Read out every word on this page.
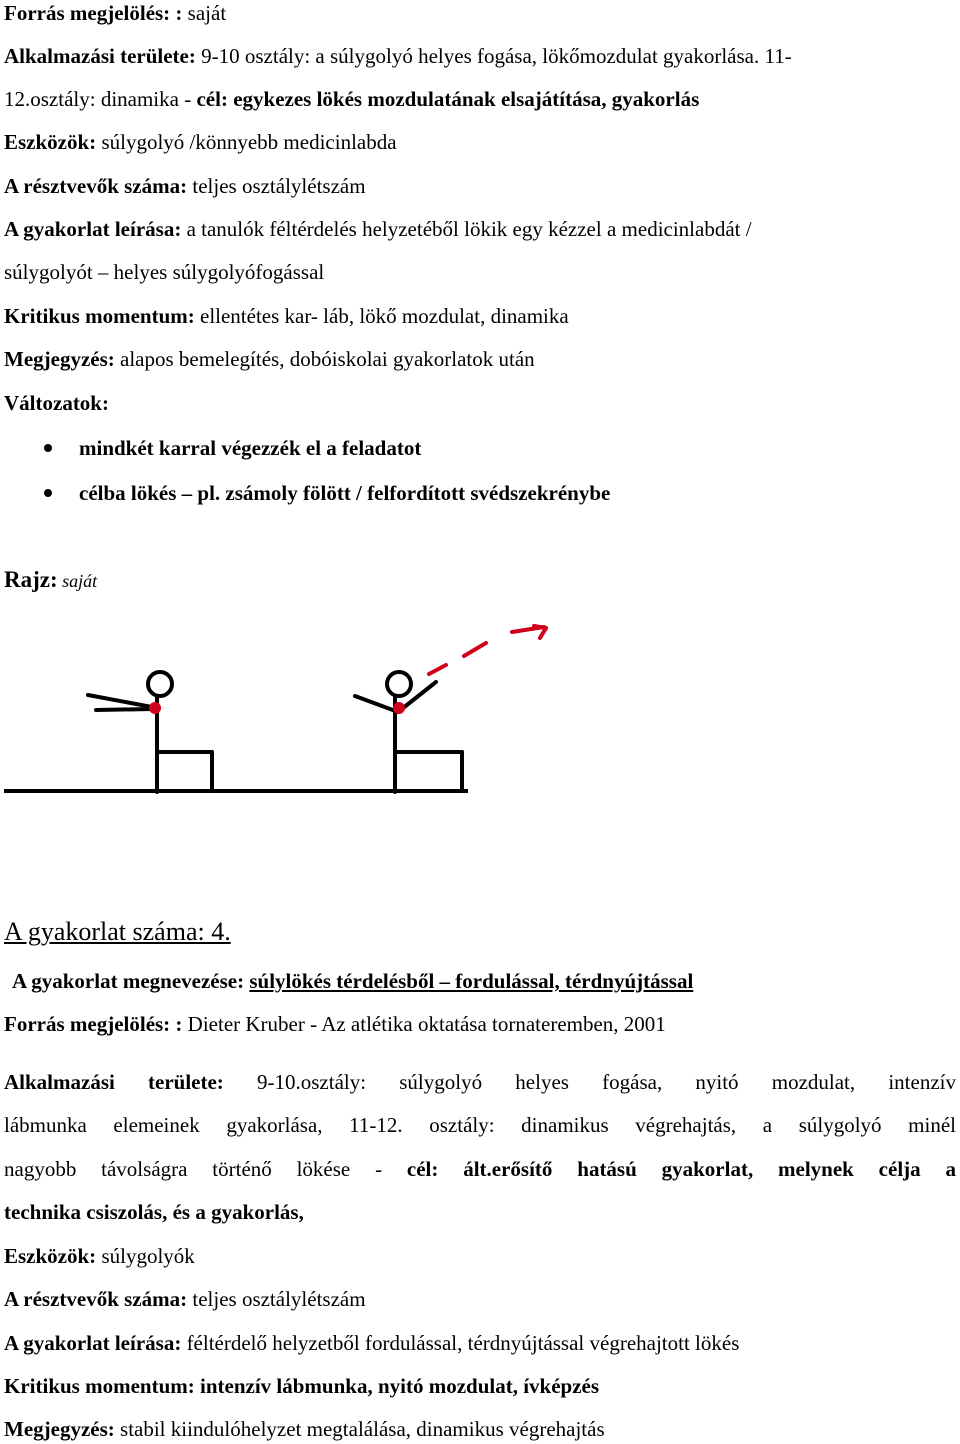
Forrás megjelölés: : saját
Alkalmazási területe: 9-10 osztály: a súlygolyó helyes fogása, lökőmozdulat gyakorlása. 11-
12.osztály: dinamika - cél: egykezes lökés mozdulatának elsajátítása, gyakorlás
Eszközök: súlygolyó /könnyebb medicinlabda
A résztvevők száma: teljes osztálylétszám
A gyakorlat leírása: a tanulók féltérdelés helyzetéből lökik egy kézzel a medicinlabdát /
súlygolyót – helyes súlygolyófogással
Kritikus momentum: ellentétes kar- láb, lökő mozdulat, dinamika
Megjegyzés: alapos bemelegítés, dobóiskolai gyakorlatok után
Változatok:
mindkét karral végezzék el a feladatot
célba lökés – pl. zsámoly fölött / felfordított svédszekrénybe
Rajz: saját
A gyakorlat száma: 4.
A gyakorlat megnevezése: súlylökés térdelésből – fordulással, térdnyújtással
Forrás megjelölés: : Dieter Kruber - Az atlétika oktatása tornateremben, 2001
Alkalmazási területe: 9-10.osztály: súlygolyó helyes fogása, nyitó mozdulat, intenzív
lábmunka elemeinek gyakorlása, 11-12. osztály: dinamikus végrehajtás, a súlygolyó minél
nagyobb távolságra történő lökése - cél: ált.erősítő hatású gyakorlat, melynek célja a
technika csiszolás, és a gyakorlás,
Eszközök: súlygolyók
A résztvevők száma: teljes osztálylétszám
A gyakorlat leírása: féltérdelő helyzetből fordulással, térdnyújtással végrehajtott lökés
Kritikus momentum: intenzív lábmunka, nyitó mozdulat, ívképzés
Megjegyzés: stabil kiindulóhelyzet megtalálása, dinamikus végrehajtás
